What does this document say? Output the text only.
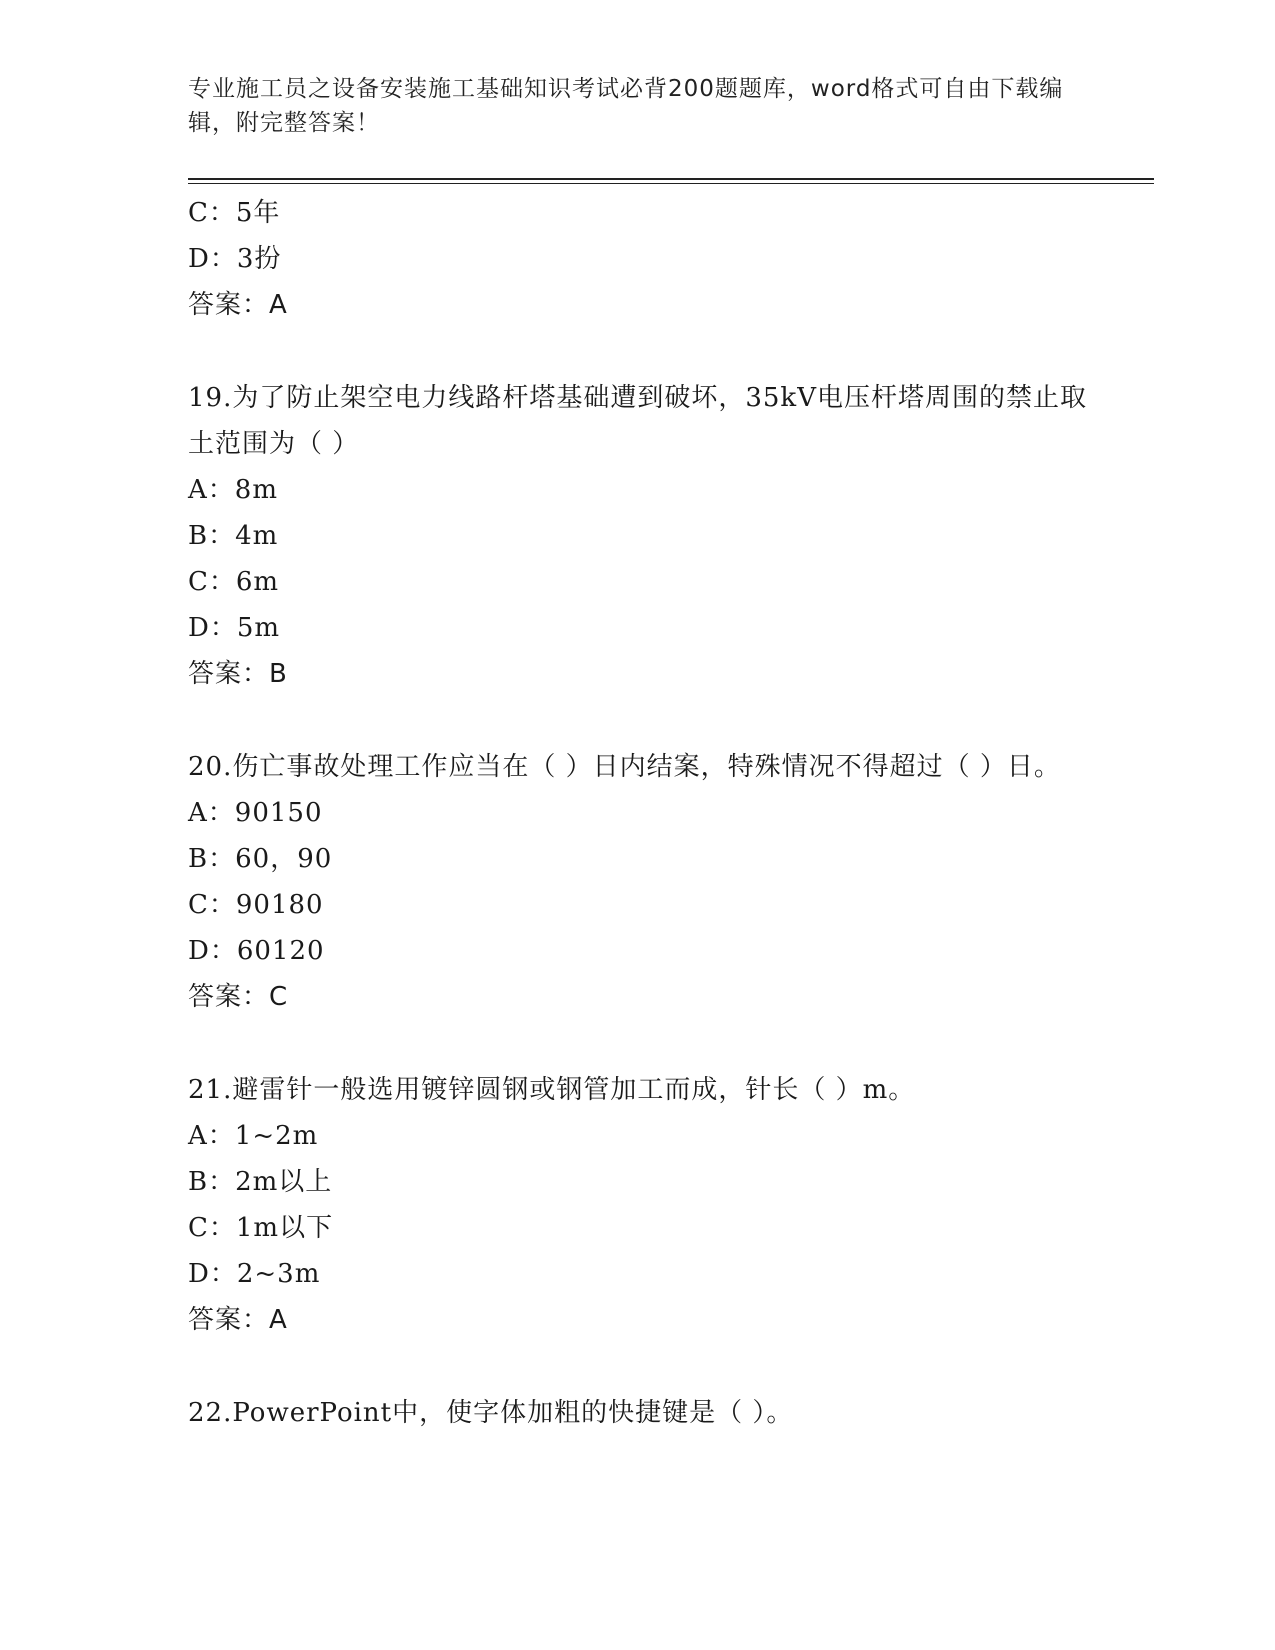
专业施工员之设备安装施工基础知识考试必背200题题库，word格式可自由下载编辑，附完整答案！
C：5年
D：3扮
答案：A
19.为了防止架空电力线路杆塔基础遭到破坏，35kV电压杆塔周围的禁止取土范围为（ ）
A：8m
B：4m
C：6m
D：5m
答案：B
20.伤亡事故处理工作应当在（ ）日内结案，特殊情况不得超过（ ）日。
A：90150
B：60，90
C：90180
D：60120
答案：C
21.避雷针一般选用镀锌圆钢或钢管加工而成，针长（ ）m。
A：1~2m
B：2m以上
C：1m以下
D：2~3m
答案：A
22.PowerPoint中，使字体加粗的快捷键是（ ）。
